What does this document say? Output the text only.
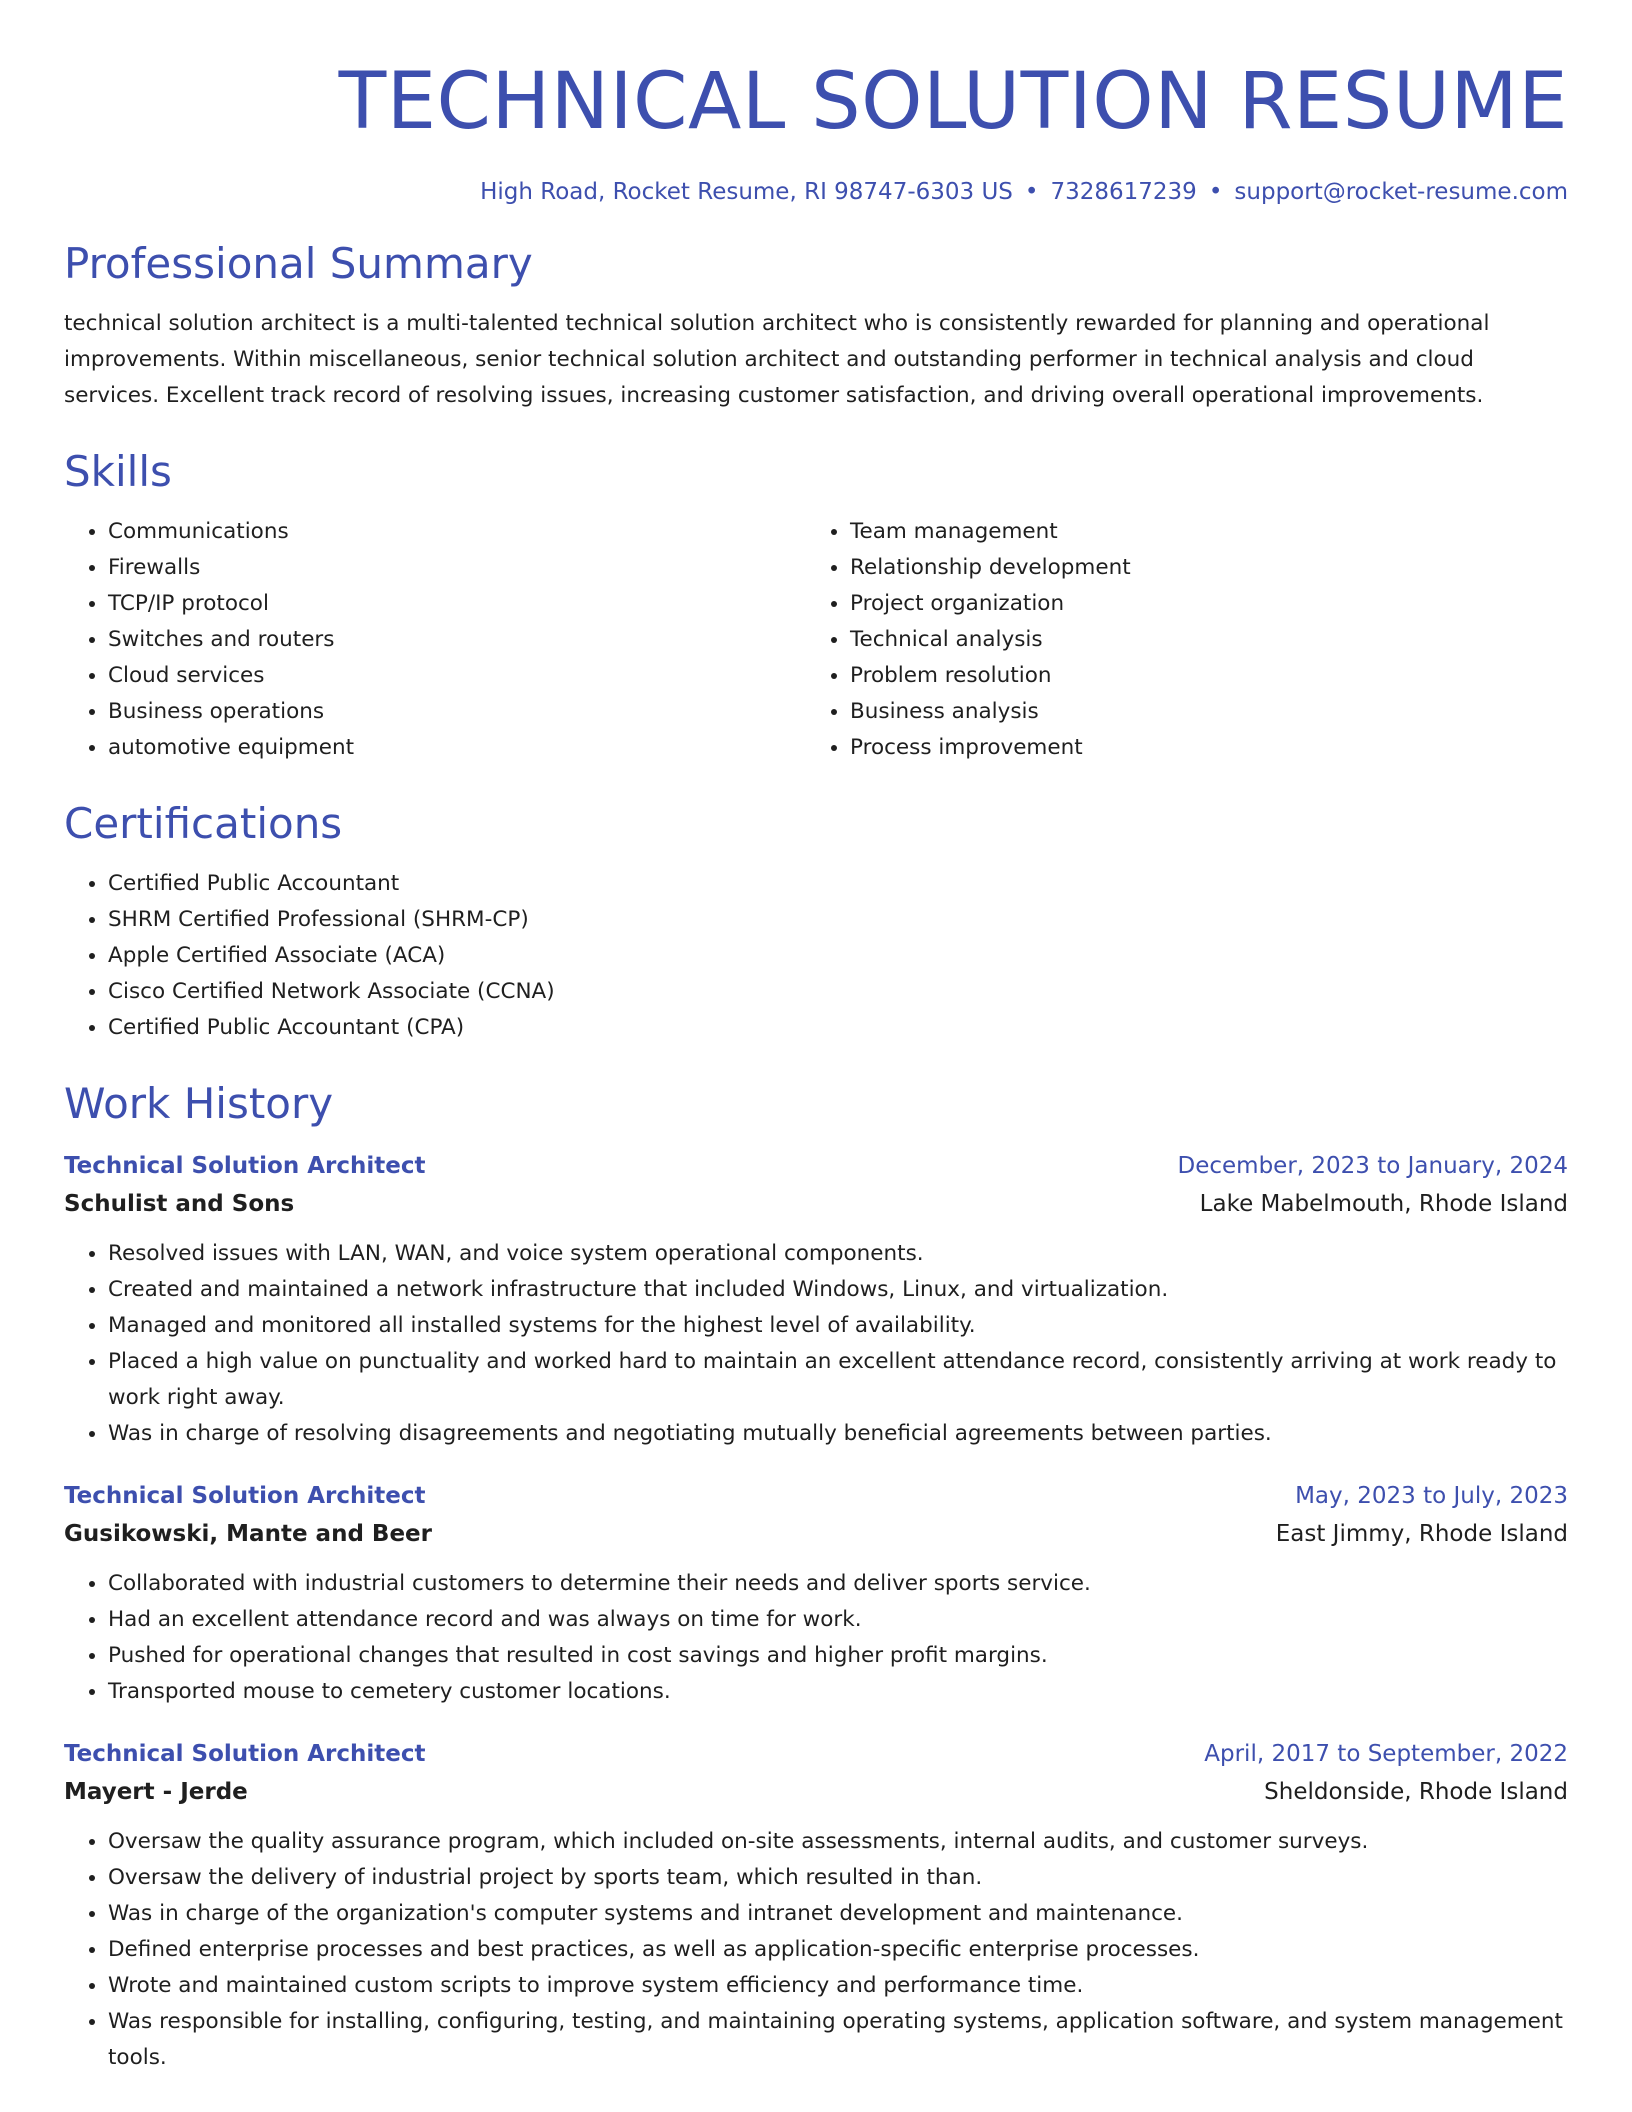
TECHNICAL SOLUTION RESUME
High Road, Rocket Resume, RI 98747-6303 US • 7328617239 • support@rocket-resume.com
Professional Summary

technical solution architect is a multi-talented technical solution architect who is consistently rewarded for planning and operational improvements. Within miscellaneous, senior technical solution architect and outstanding performer in technical analysis and cloud services. Excellent track record of resolving issues, increasing customer satisfaction, and driving overall operational improvements.

Skills
• Communications
• Firewalls
• TCP/IP protocol
• Switches and routers
• Cloud services
• Business operations
• automotive equipment
• Team management
• Relationship development
• Project organization
• Technical analysis
• Problem resolution
• Business analysis
• Process improvement
Certifications
• Certified Public Accountant
• SHRM Certified Professional (SHRM-CP)
• Apple Certified Associate (ACA)
• Cisco Certified Network Associate (CCNA)
• Certified Public Accountant (CPA)
Work History
Technical Solution Architect	December, 2023 to January, 2024
Schulist and Sons	Lake Mabelmouth, Rhode Island
• Resolved issues with LAN, WAN, and voice system operational components.
• Created and maintained a network infrastructure that included Windows, Linux, and virtualization.
• Managed and monitored all installed systems for the highest level of availability.
• Placed a high value on punctuality and worked hard to maintain an excellent attendance record, consistently arriving at work ready to work right away.
• Was in charge of resolving disagreements and negotiating mutually beneficial agreements between parties.
Technical Solution Architect	May, 2023 to July, 2023
Gusikowski, Mante and Beer	East Jimmy, Rhode Island
• Collaborated with industrial customers to determine their needs and deliver sports service.
• Had an excellent attendance record and was always on time for work.
• Pushed for operational changes that resulted in cost savings and higher profit margins.
• Transported mouse to cemetery customer locations.
Technical Solution Architect	April, 2017 to September, 2022
Mayert - Jerde	Sheldonside, Rhode Island
• Oversaw the quality assurance program, which included on-site assessments, internal audits, and customer surveys.
• Oversaw the delivery of industrial project by sports team, which resulted in than.
• Was in charge of the organization's computer systems and intranet development and maintenance.
• Defined enterprise processes and best practices, as well as application-specific enterprise processes.
• Wrote and maintained custom scripts to improve system efficiency and performance time.
• Was responsible for installing, configuring, testing, and maintaining operating systems, application software, and system management tools.
